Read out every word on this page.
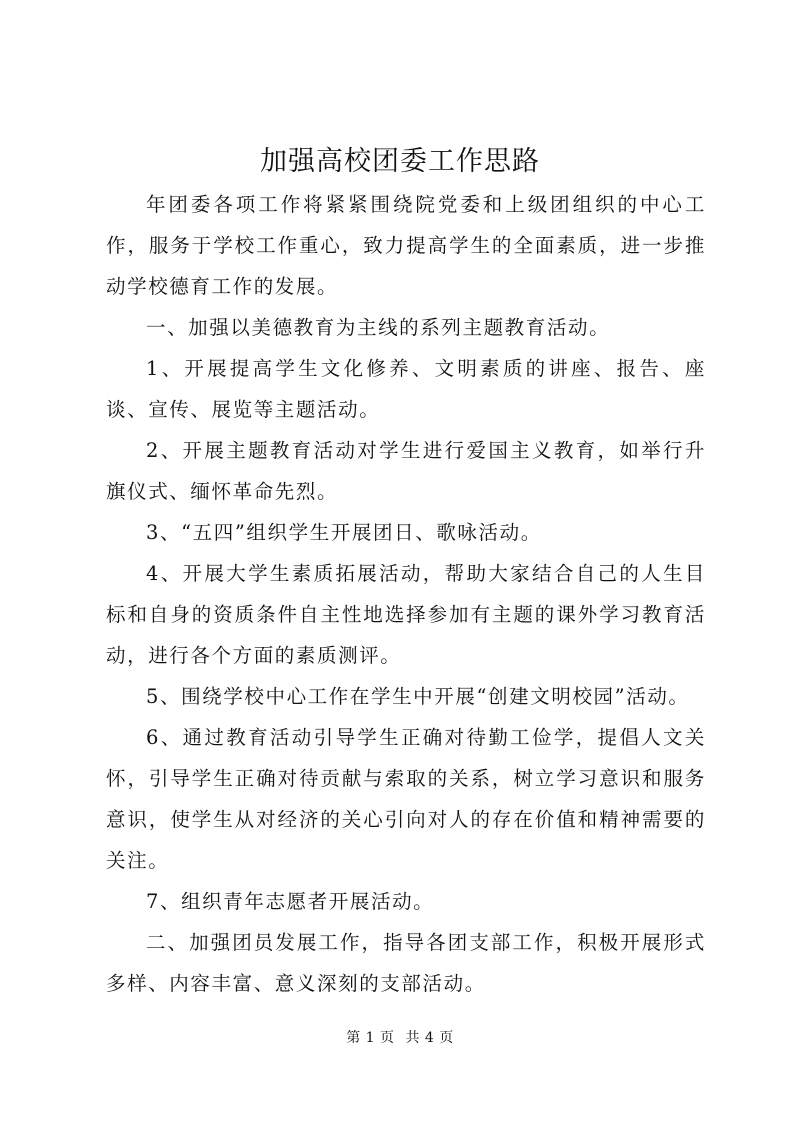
加强高校团委工作思路

年团委各项工作将紧紧围绕院党委和上级团组织的中心工作，服务于学校工作重心，致力提高学生的全面素质，进一步推动学校德育工作的发展。

一、加强以美德教育为主线的系列主题教育活动。

1、开展提高学生文化修养、文明素质的讲座、报告、座谈、宣传、展览等主题活动。

2、开展主题教育活动对学生进行爱国主义教育，如举行升旗仪式、缅怀革命先烈。

3、“五四”组织学生开展团日、歌咏活动。

4、开展大学生素质拓展活动，帮助大家结合自己的人生目标和自身的资质条件自主性地选择参加有主题的课外学习教育活动，进行各个方面的素质测评。

5、围绕学校中心工作在学生中开展“创建文明校园”活动。

6、通过教育活动引导学生正确对待勤工俭学，提倡人文关怀，引导学生正确对待贡献与索取的关系，树立学习意识和服务意识，使学生从对经济的关心引向对人的存在价值和精神需要的关注。

7、组织青年志愿者开展活动。

二、加强团员发展工作，指导各团支部工作，积极开展形式多样、内容丰富、意义深刻的支部活动。

第 1 页 共 4 页
